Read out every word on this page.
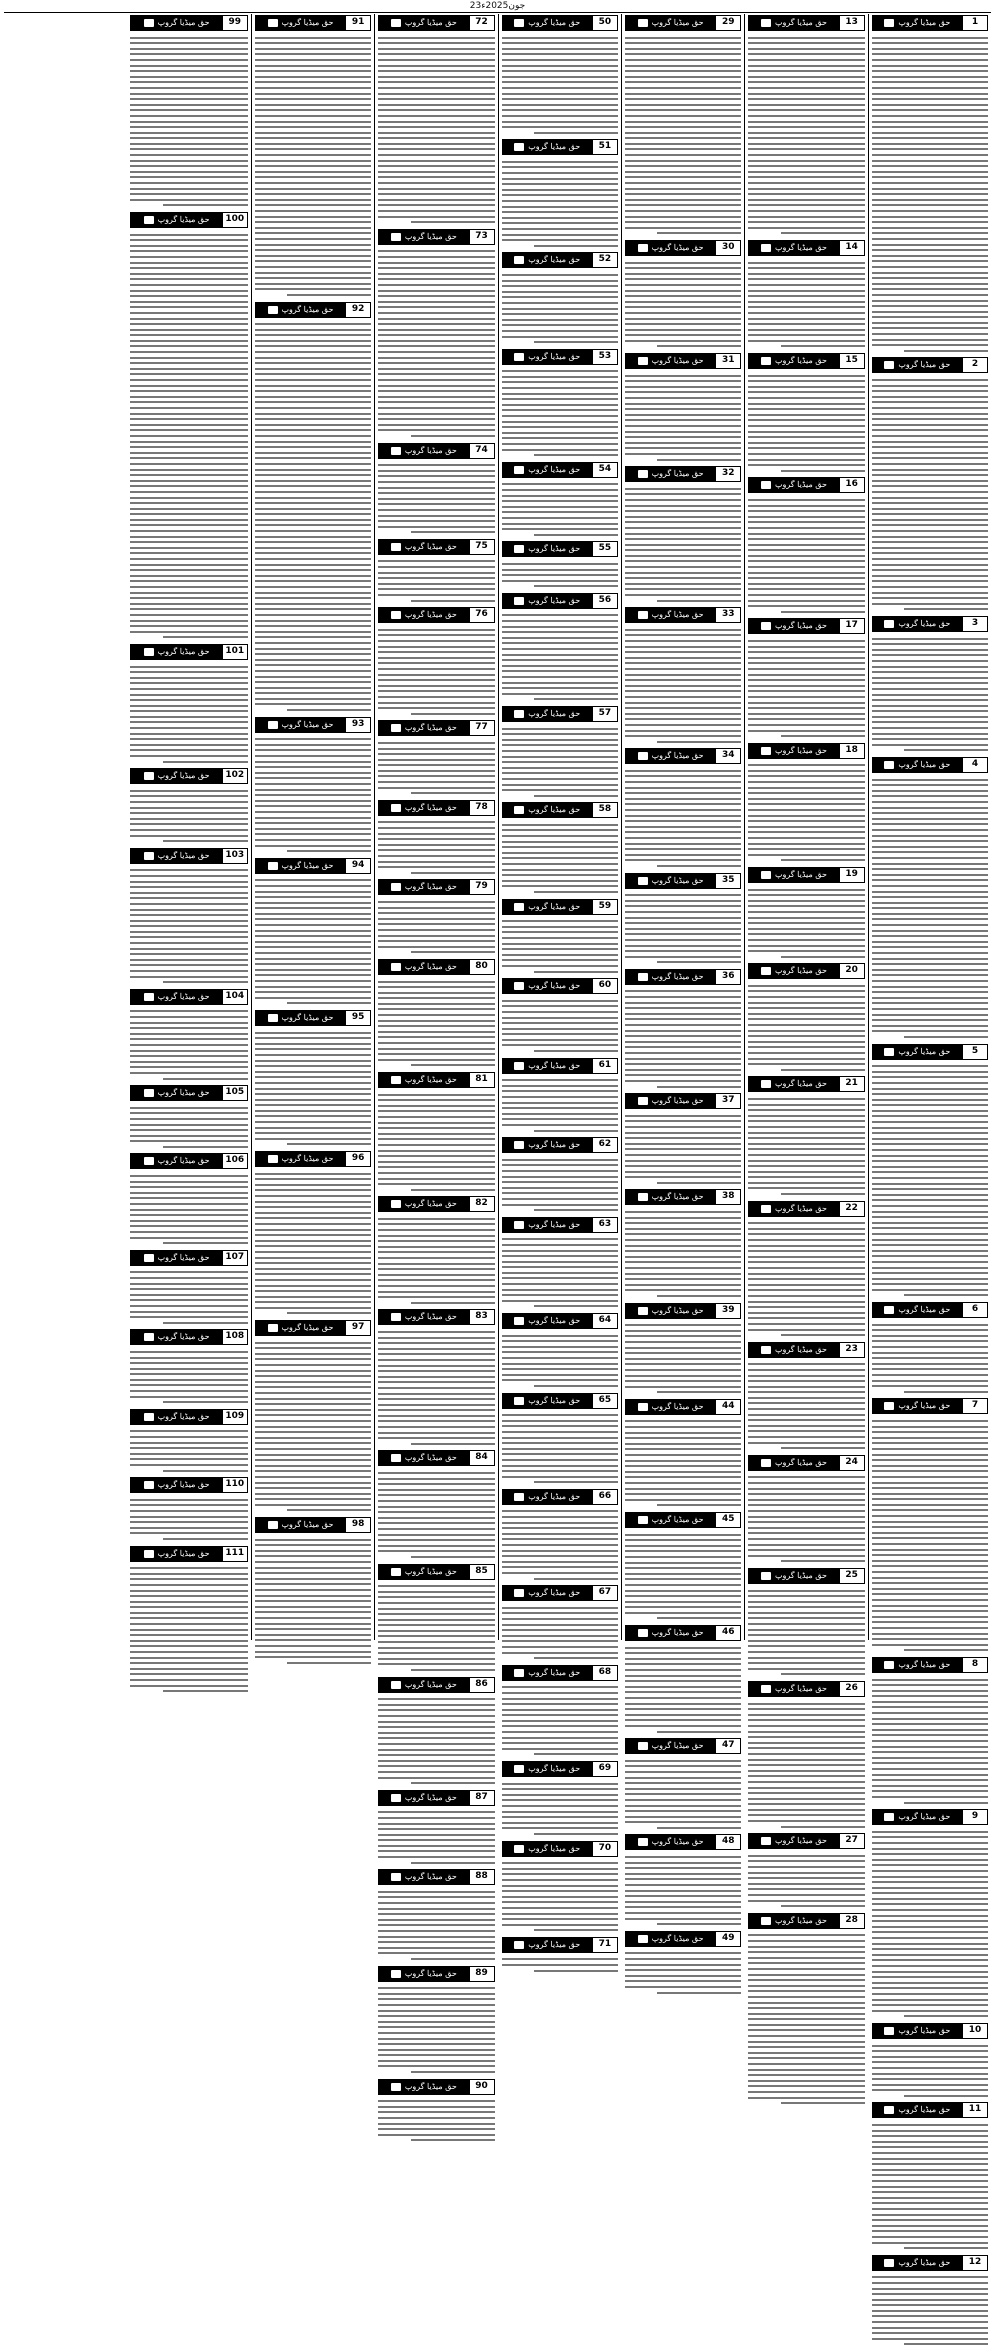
23جون2025ء
1
حق میڈیا گروپ
2
حق میڈیا گروپ
3
حق میڈیا گروپ
4
حق میڈیا گروپ
5
حق میڈیا گروپ
6
حق میڈیا گروپ
7
حق میڈیا گروپ
8
حق میڈیا گروپ
9
حق میڈیا گروپ
10
حق میڈیا گروپ
11
حق میڈیا گروپ
12
حق میڈیا گروپ
13
حق میڈیا گروپ
14
حق میڈیا گروپ
15
حق میڈیا گروپ
16
حق میڈیا گروپ
17
حق میڈیا گروپ
18
حق میڈیا گروپ
19
حق میڈیا گروپ
20
حق میڈیا گروپ
21
حق میڈیا گروپ
22
حق میڈیا گروپ
23
حق میڈیا گروپ
24
حق میڈیا گروپ
25
حق میڈیا گروپ
26
حق میڈیا گروپ
27
حق میڈیا گروپ
28
حق میڈیا گروپ
29
حق میڈیا گروپ
30
حق میڈیا گروپ
31
حق میڈیا گروپ
32
حق میڈیا گروپ
33
حق میڈیا گروپ
34
حق میڈیا گروپ
35
حق میڈیا گروپ
36
حق میڈیا گروپ
37
حق میڈیا گروپ
38
حق میڈیا گروپ
39
حق میڈیا گروپ
44
حق میڈیا گروپ
45
حق میڈیا گروپ
46
حق میڈیا گروپ
47
حق میڈیا گروپ
48
حق میڈیا گروپ
49
حق میڈیا گروپ
50
حق میڈیا گروپ
51
حق میڈیا گروپ
52
حق میڈیا گروپ
53
حق میڈیا گروپ
54
حق میڈیا گروپ
55
حق میڈیا گروپ
56
حق میڈیا گروپ
57
حق میڈیا گروپ
58
حق میڈیا گروپ
59
حق میڈیا گروپ
60
حق میڈیا گروپ
61
حق میڈیا گروپ
62
حق میڈیا گروپ
63
حق میڈیا گروپ
64
حق میڈیا گروپ
65
حق میڈیا گروپ
66
حق میڈیا گروپ
67
حق میڈیا گروپ
68
حق میڈیا گروپ
69
حق میڈیا گروپ
70
حق میڈیا گروپ
71
حق میڈیا گروپ
72
حق میڈیا گروپ
73
حق میڈیا گروپ
74
حق میڈیا گروپ
75
حق میڈیا گروپ
76
حق میڈیا گروپ
77
حق میڈیا گروپ
78
حق میڈیا گروپ
79
حق میڈیا گروپ
80
حق میڈیا گروپ
81
حق میڈیا گروپ
82
حق میڈیا گروپ
83
حق میڈیا گروپ
84
حق میڈیا گروپ
85
حق میڈیا گروپ
86
حق میڈیا گروپ
87
حق میڈیا گروپ
88
حق میڈیا گروپ
89
حق میڈیا گروپ
90
حق میڈیا گروپ
91
حق میڈیا گروپ
92
حق میڈیا گروپ
93
حق میڈیا گروپ
94
حق میڈیا گروپ
95
حق میڈیا گروپ
96
حق میڈیا گروپ
97
حق میڈیا گروپ
98
حق میڈیا گروپ
99
حق میڈیا گروپ
100
حق میڈیا گروپ
101
حق میڈیا گروپ
102
حق میڈیا گروپ
103
حق میڈیا گروپ
104
حق میڈیا گروپ
105
حق میڈیا گروپ
106
حق میڈیا گروپ
107
حق میڈیا گروپ
108
حق میڈیا گروپ
109
حق میڈیا گروپ
110
حق میڈیا گروپ
111
حق میڈیا گروپ
